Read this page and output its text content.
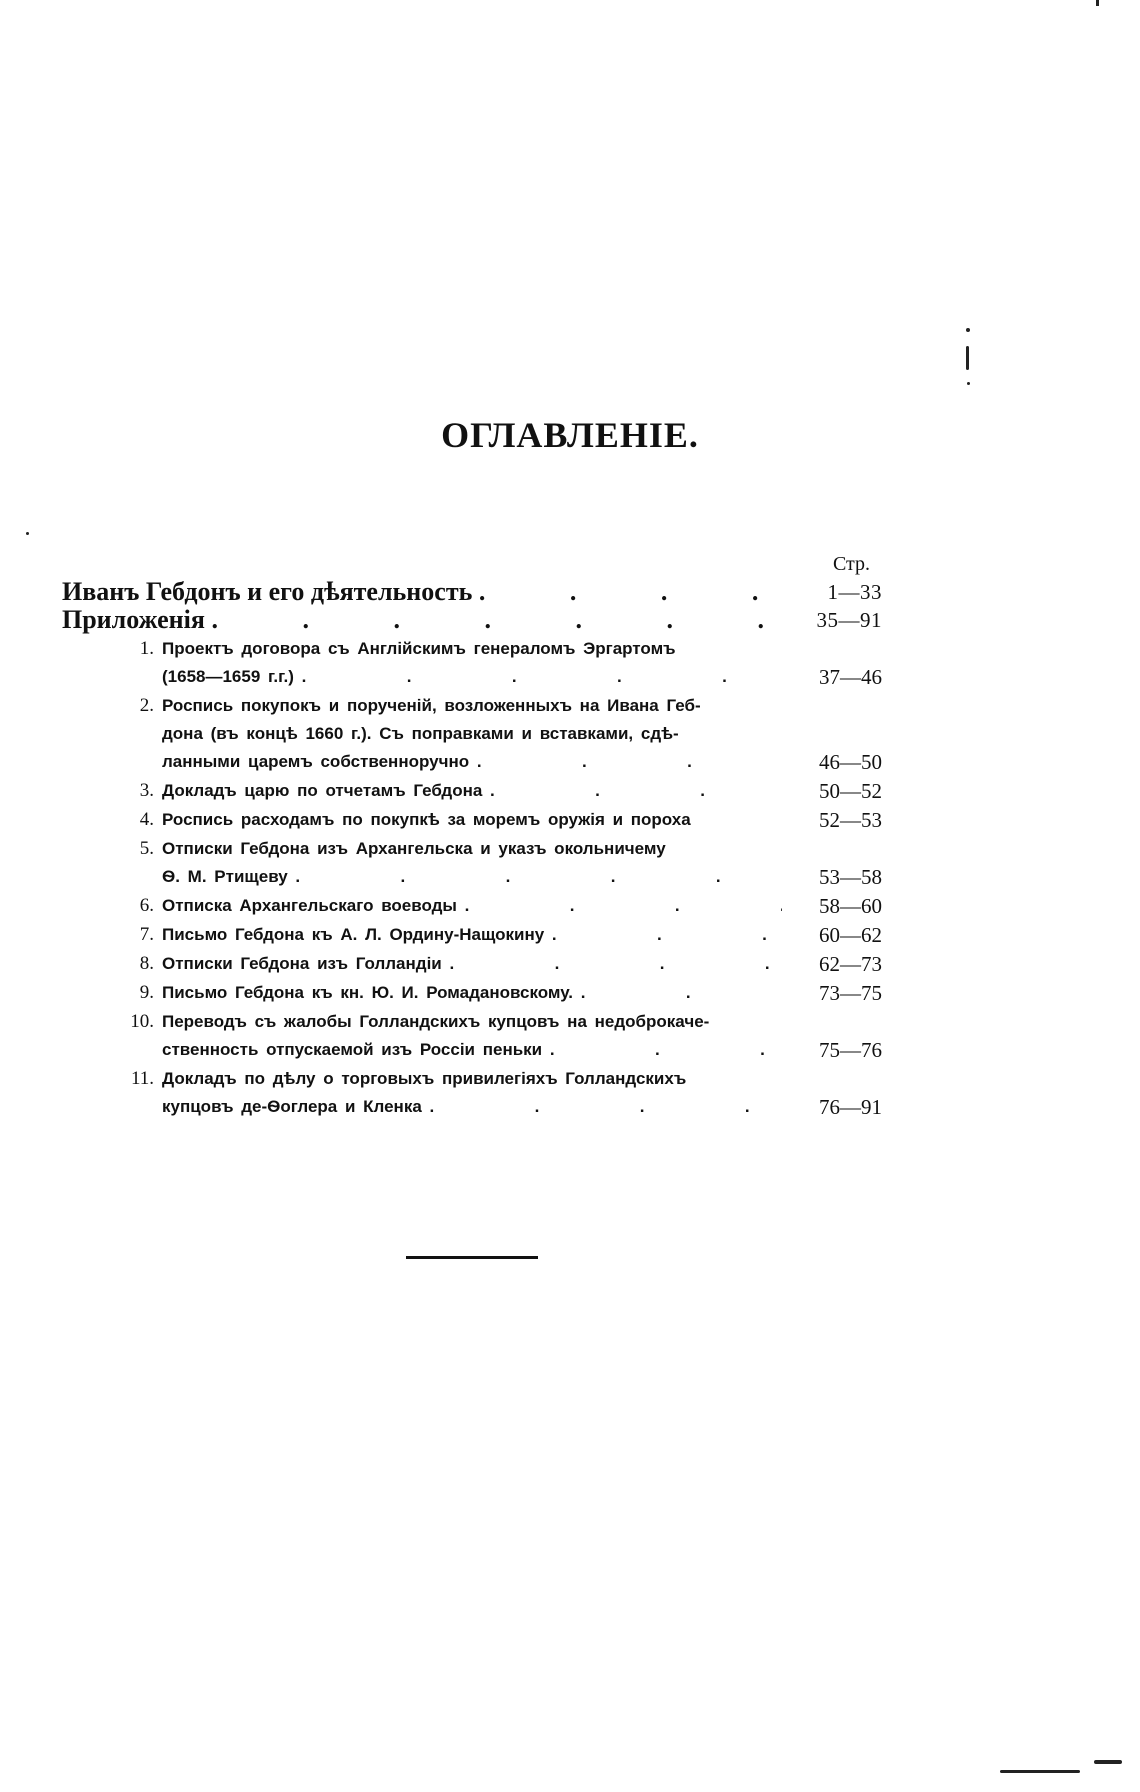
ОГЛАВЛЕНІЕ.
Стр.
Иванъ Гебдонъ и его дѣятельность .	1—33
Приложенія .	35—91
1. Проектъ договора съ Англійскимъ генераломъ Эргартомъ
(1658—1659 г.г.) .	37—46
2. Роспись покупокъ и порученій, возложенныхъ на Ивана Геб-
дона (въ концѣ 1660 г.). Съ поправками и вставками, сдѣ-
ланными царемъ собственноручно .	46—50
3. Докладъ царю по отчетамъ Гебдона .	50—52
4. Роспись расходамъ по покупкѣ за моремъ оружія и пороха	52—53
5. Отписки Гебдона изъ Архангельска и указъ окольничему
Ѳ. М. Ртищеву .	53—58
6. Отписка Архангельскаго воеводы .	58—60
7. Письмо Гебдона къ А. Л. Ордину-Нащокину .	60—62
8. Отписки Гебдона изъ Голландіи .	62—73
9. Письмо Гебдона къ кн. Ю. И. Ромадановскому. .	73—75
10. Переводъ съ жалобы Голландскихъ купцовъ на недоброкаче-
ственность отпускаемой изъ Россіи пеньки .	75—76
11. Докладъ по дѣлу о торговыхъ привилегіяхъ Голландскихъ
купцовъ де-Ѳоглера и Кленка .	76—91
